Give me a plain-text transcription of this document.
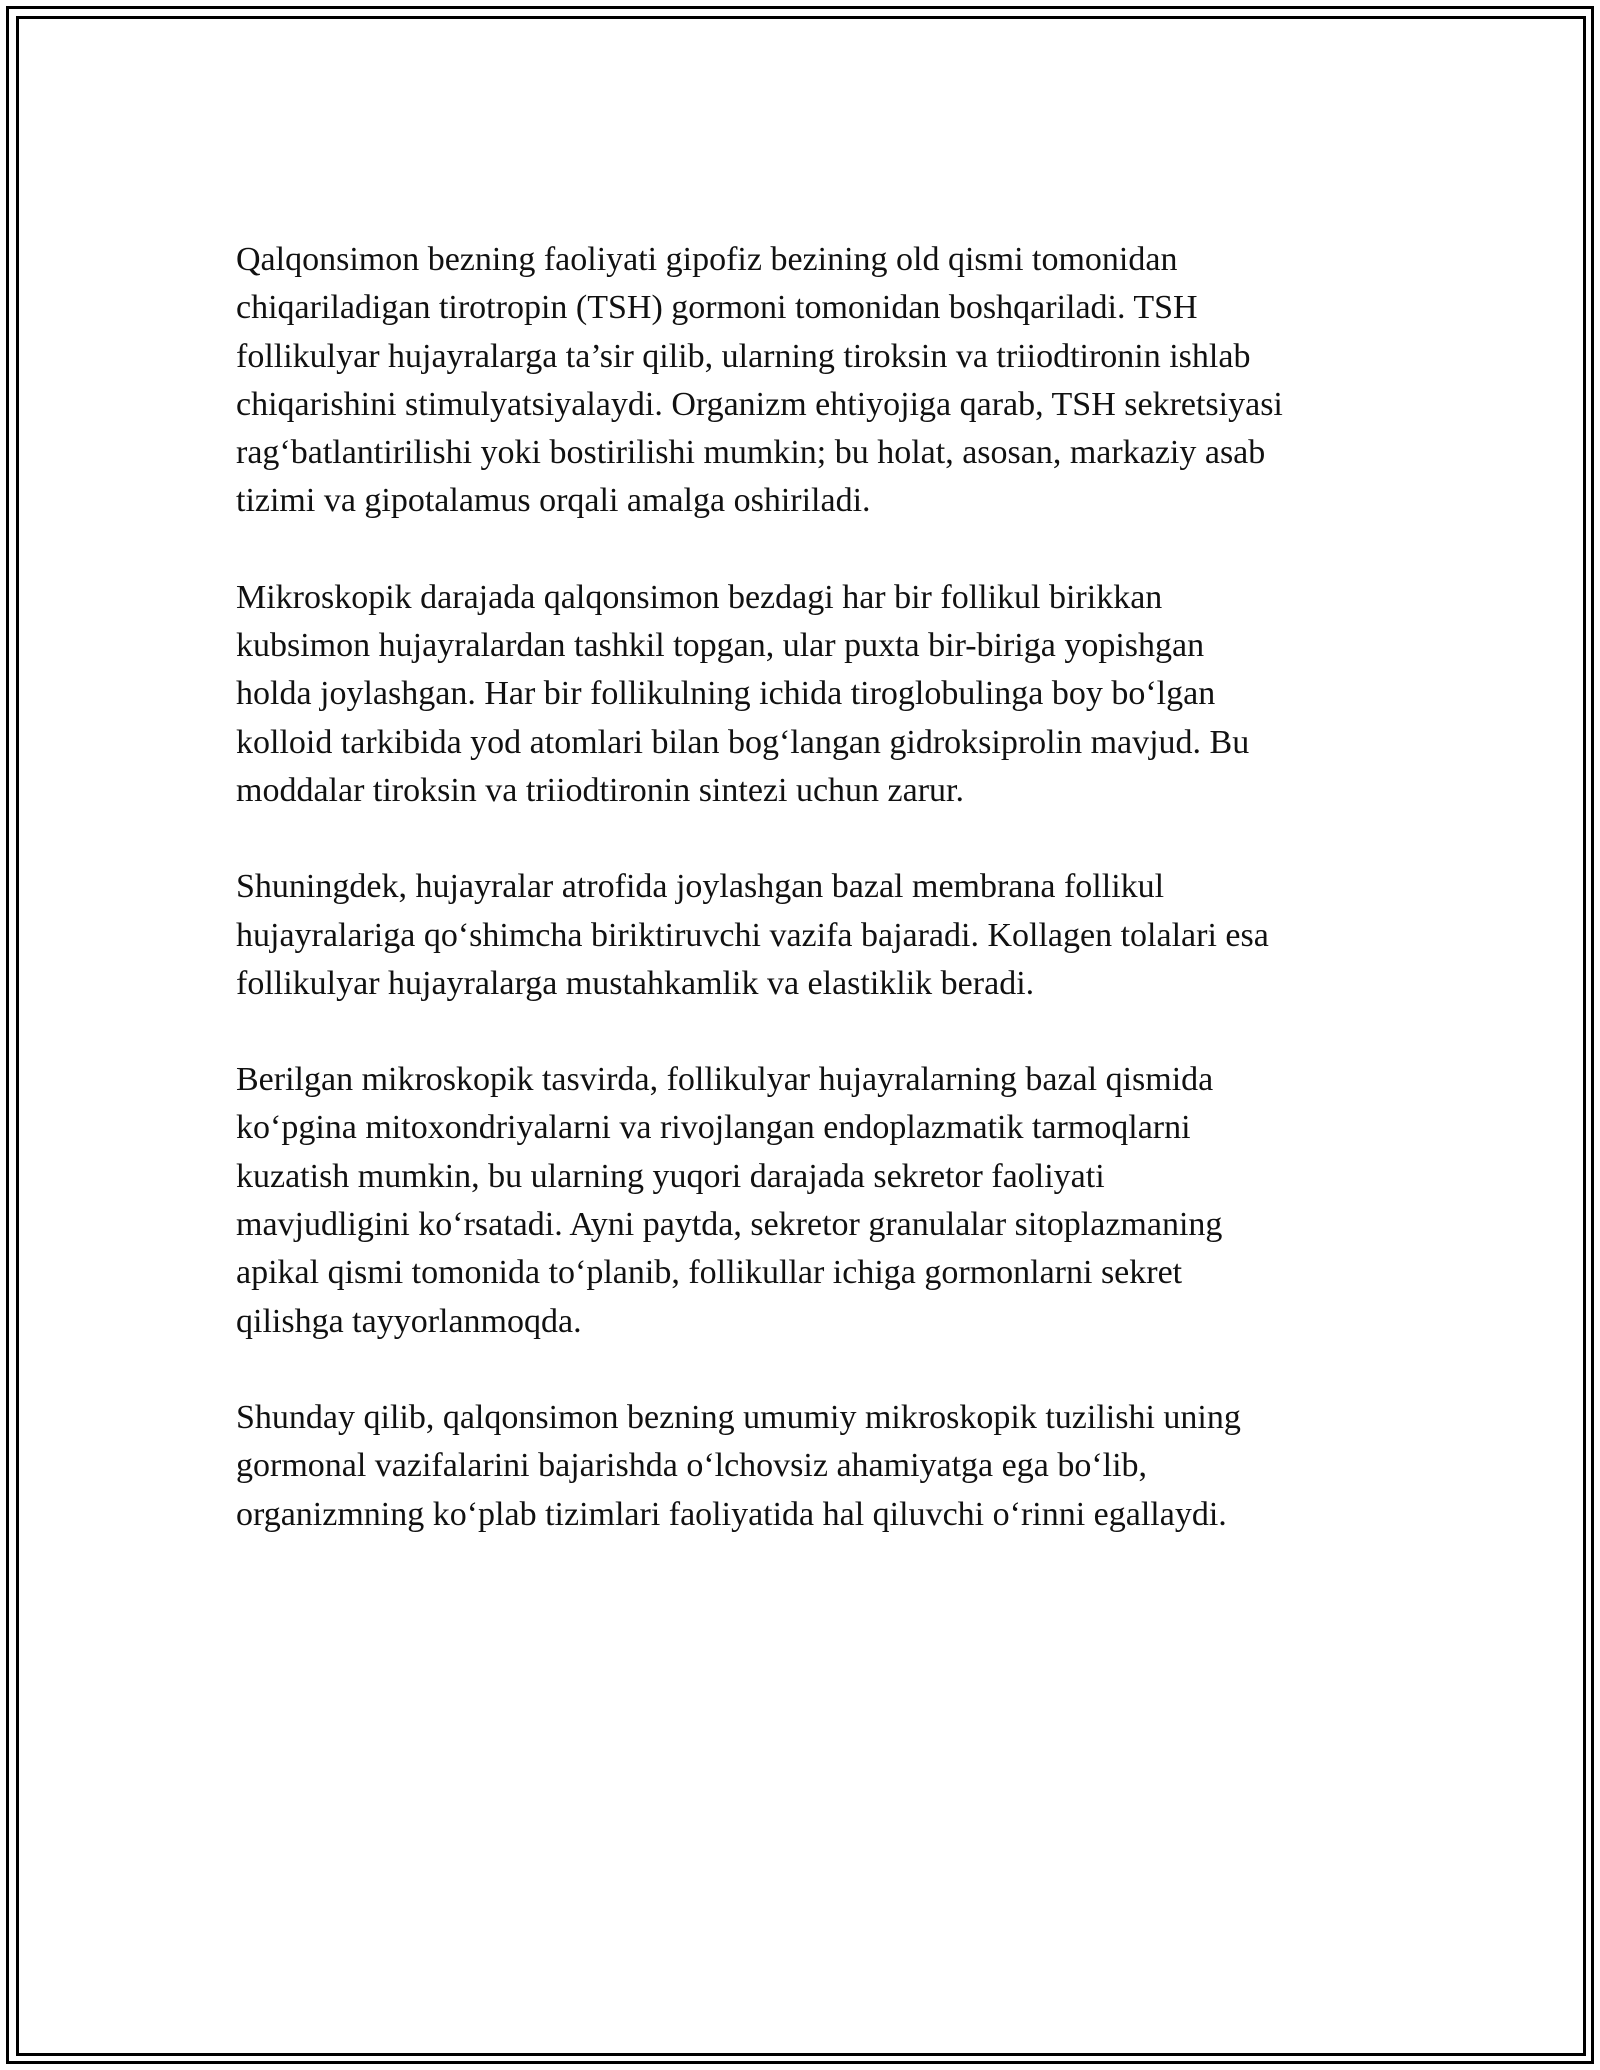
Qalqonsimon bezning faoliyati gipofiz bezining old qismi tomonidan
chiqariladigan tirotropin (TSH) gormoni tomonidan boshqariladi. TSH
follikulyar hujayralarga ta’sir qilib, ularning tiroksin va triiodtironin ishlab
chiqarishini stimulyatsiyalaydi. Organizm ehtiyojiga qarab, TSH sekretsiyasi
rag‘batlantirilishi yoki bostirilishi mumkin; bu holat, asosan, markaziy asab
tizimi va gipotalamus orqali amalga oshiriladi.

Mikroskopik darajada qalqonsimon bezdagi har bir follikul birikkan
kubsimon hujayralardan tashkil topgan, ular puxta bir-biriga yopishgan
holda joylashgan. Har bir follikulning ichida tiroglobulinga boy bo‘lgan
kolloid tarkibida yod atomlari bilan bog‘langan gidroksiprolin mavjud. Bu
moddalar tiroksin va triiodtironin sintezi uchun zarur.

Shuningdek, hujayralar atrofida joylashgan bazal membrana follikul
hujayralariga qo‘shimcha biriktiruvchi vazifa bajaradi. Kollagen tolalari esa
follikulyar hujayralarga mustahkamlik va elastiklik beradi.

Berilgan mikroskopik tasvirda, follikulyar hujayralarning bazal qismida
ko‘pgina mitoxondriyalarni va rivojlangan endoplazmatik tarmoqlarni
kuzatish mumkin, bu ularning yuqori darajada sekretor faoliyati
mavjudligini ko‘rsatadi. Ayni paytda, sekretor granulalar sitoplazmaning
apikal qismi tomonida to‘planib, follikullar ichiga gormonlarni sekret
qilishga tayyorlanmoqda.

Shunday qilib, qalqonsimon bezning umumiy mikroskopik tuzilishi uning
gormonal vazifalarini bajarishda o‘lchovsiz ahamiyatga ega bo‘lib,
organizmning ko‘plab tizimlari faoliyatida hal qiluvchi o‘rinni egallaydi.
